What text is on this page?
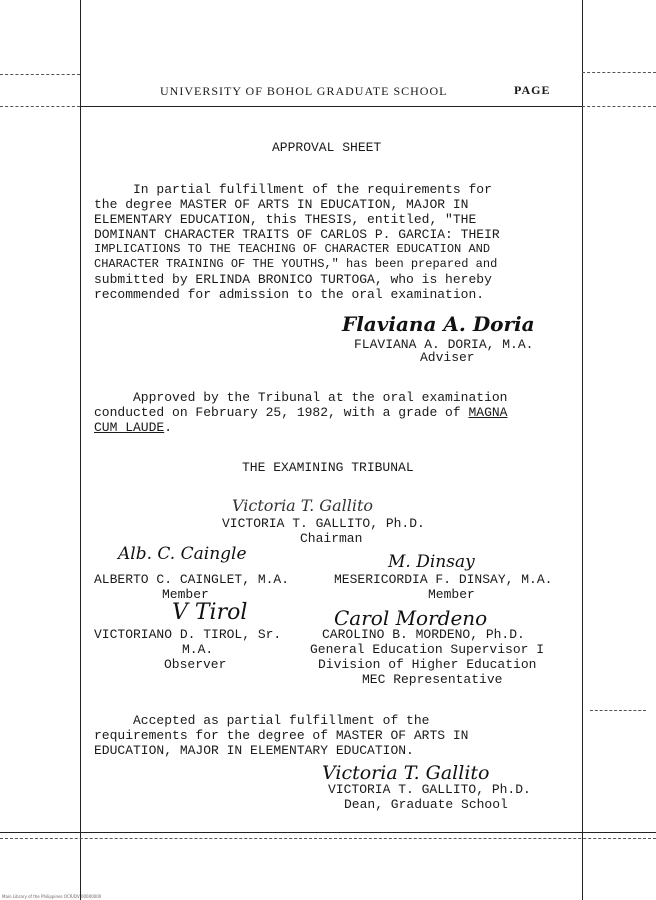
UNIVERSITY OF BOHOL GRADUATE SCHOOL	PAGE
APPROVAL SHEET
In partial fulfillment of the requirements for
the degree MASTER OF ARTS IN EDUCATION, MAJOR IN
ELEMENTARY EDUCATION, this THESIS, entitled, "THE
DOMINANT CHARACTER TRAITS OF CARLOS P. GARCIA: THEIR
IMPLICATIONS TO THE TEACHING OF CHARACTER EDUCATION AND
CHARACTER TRAINING OF THE YOUTHS," has been prepared and
submitted by ERLINDA BRONICO TURTOGA, who is hereby
recommended for admission to the oral examination.
Flaviana A. Doria
FLAVIANA A. DORIA, M.A.
Adviser
Approved by the Tribunal at the oral examination
conducted on February 25, 1982, with a grade of MAGNA
CUM LAUDE.
THE EXAMINING TRIBUNAL
Victoria T. Gallito
VICTORIA T. GALLITO, Ph.D.
Chairman
Alb. C. Caingle
ALBERTO C. CAINGLET, M.A.
Member
M. Dinsay
MESERICORDIA F. DINSAY, M.A.
Member
V Tirol
VICTORIANO D. TIROL, Sr.
M.A.
Observer
Carol Mordeno
CAROLINO B. MORDENO, Ph.D.
General Education Supervisor I
Division of Higher Education
MEC Representative
Accepted as partial fulfillment of the
requirements for the degree of MASTER OF ARTS IN
EDUCATION, MAJOR IN ELEMENTARY EDUCATION.
Victoria T. Gallito
VICTORIA T. GALLITO, Ph.D.
Dean, Graduate School
Main Library of the Philippines OCR/DV 00000000
